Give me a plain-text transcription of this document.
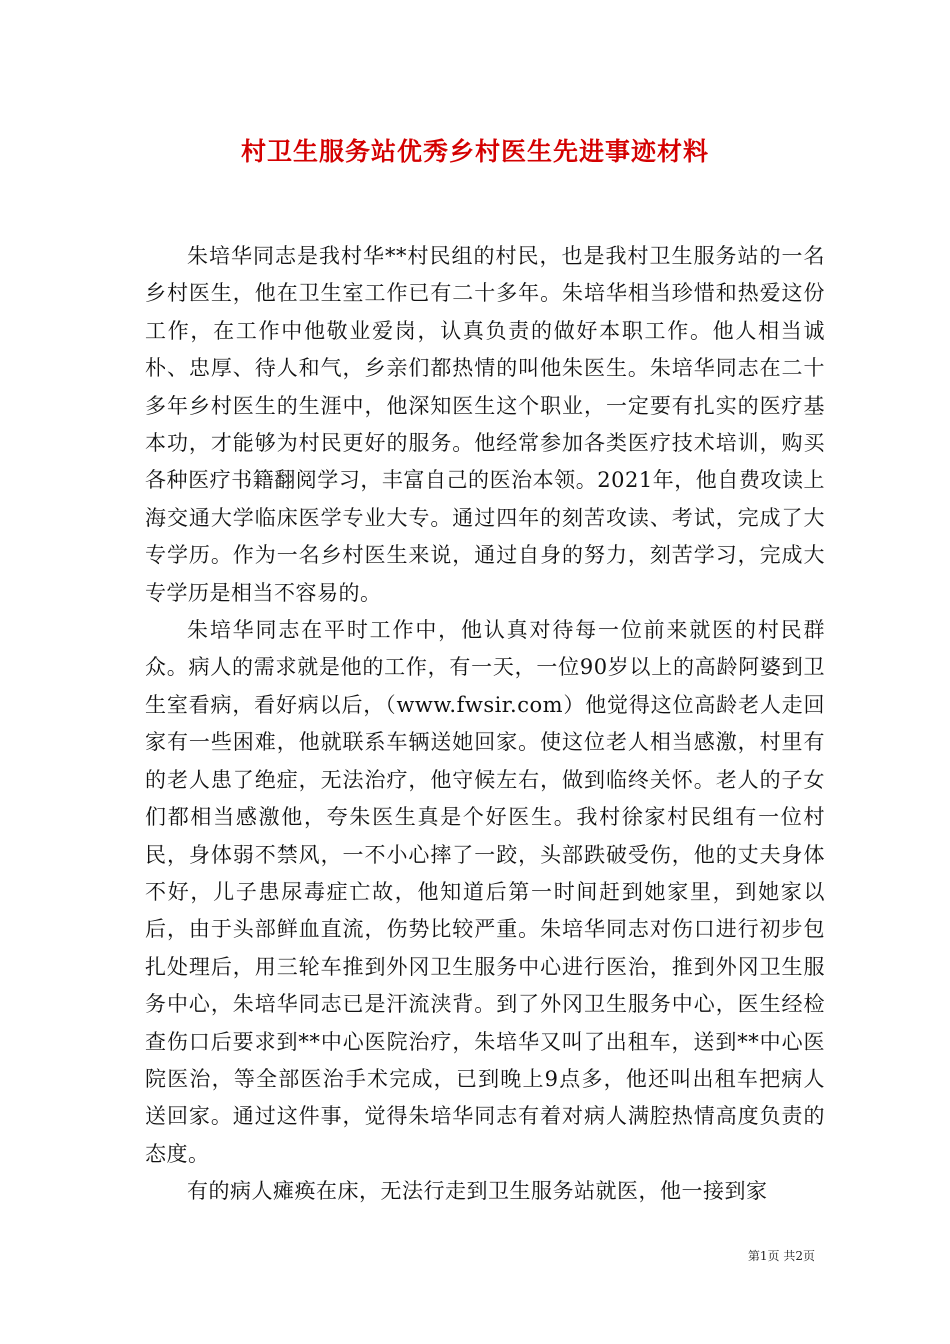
村卫生服务站优秀乡村医生先进事迹材料

朱培华同志是我村华**村民组的村民，也是我村卫生服务站的一名乡村医生，他在卫生室工作已有二十多年。朱培华相当珍惜和热爱这份工作，在工作中他敬业爱岗，认真负责的做好本职工作。他人相当诚朴、忠厚、待人和气，乡亲们都热情的叫他朱医生。朱培华同志在二十多年乡村医生的生涯中，他深知医生这个职业，一定要有扎实的医疗基本功，才能够为村民更好的服务。他经常参加各类医疗技术培训，购买各种医疗书籍翻阅学习，丰富自己的医治本领。2021年，他自费攻读上海交通大学临床医学专业大专。通过四年的刻苦攻读、考试，完成了大专学历。作为一名乡村医生来说，通过自身的努力，刻苦学习，完成大专学历是相当不容易的。

朱培华同志在平时工作中，他认真对待每一位前来就医的村民群众。病人的需求就是他的工作，有一天，一位90岁以上的高龄阿婆到卫生室看病，看好病以后，（www.fwsir.com）他觉得这位高龄老人走回家有一些困难，他就联系车辆送她回家。使这位老人相当感激，村里有的老人患了绝症，无法治疗，他守候左右，做到临终关怀。老人的子女们都相当感激他，夸朱医生真是个好医生。我村徐家村民组有一位村民，身体弱不禁风，一不小心摔了一跤，头部跌破受伤，他的丈夫身体不好，儿子患尿毒症亡故，他知道后第一时间赶到她家里，到她家以后，由于头部鲜血直流，伤势比较严重。朱培华同志对伤口进行初步包扎处理后，用三轮车推到外冈卫生服务中心进行医治，推到外冈卫生服务中心，朱培华同志已是汗流浃背。到了外冈卫生服务中心，医生经检查伤口后要求到**中心医院治疗，朱培华又叫了出租车，送到**中心医院医治，等全部医治手术完成，已到晚上9点多，他还叫出租车把病人送回家。通过这件事，觉得朱培华同志有着对病人满腔热情高度负责的态度。

有的病人瘫痪在床，无法行走到卫生服务站就医，他一接到家

第1页 共2页
